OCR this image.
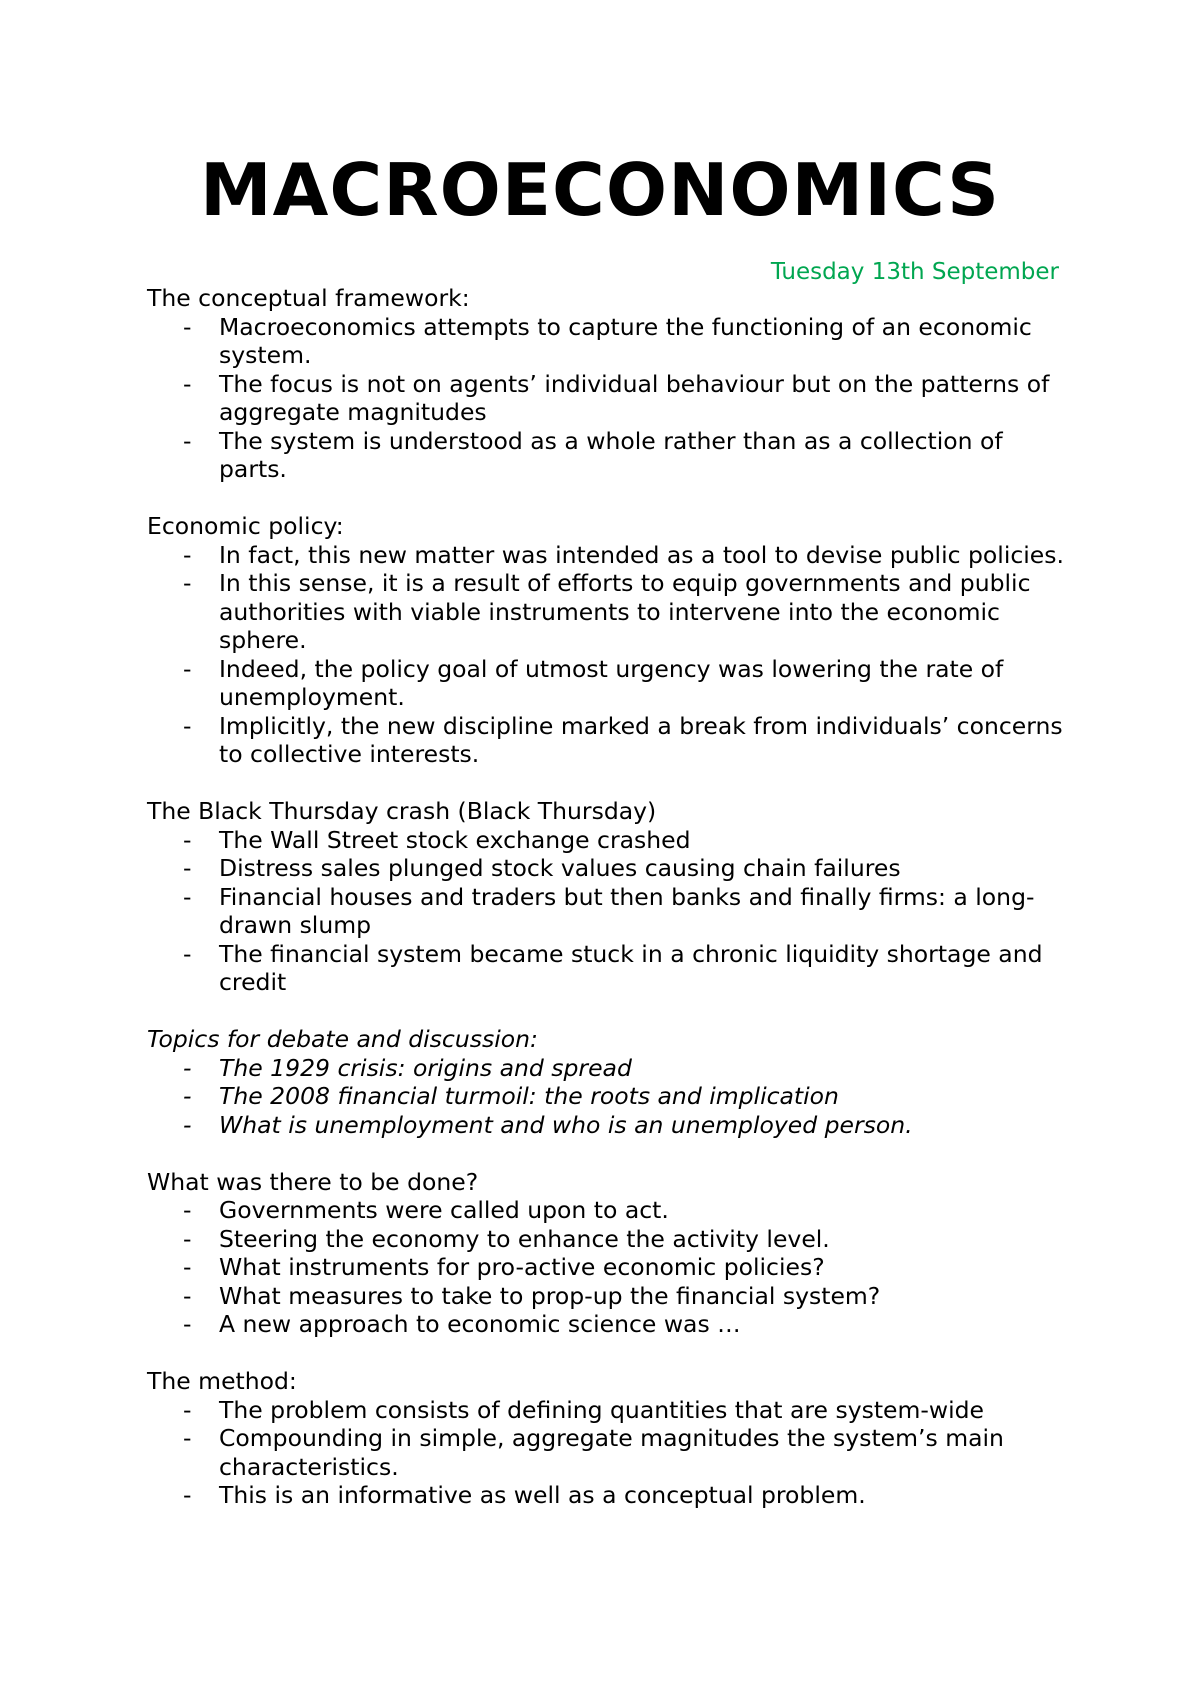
MACROECONOMICS
Tuesday 13th September

The conceptual framework:

- Macroeconomics attempts to capture the functioning of an economic system.
- The focus is not on agents’ individual behaviour but on the patterns of aggregate magnitudes
- The system is understood as a whole rather than as a collection of parts.

Economic policy:

- In fact, this new matter was intended as a tool to devise public policies.
- In this sense, it is a result of efforts to equip governments and public authorities with viable instruments to intervene into the economic sphere.
- Indeed, the policy goal of utmost urgency was lowering the rate of unemployment.
- Implicitly, the new discipline marked a break from individuals’ concerns to collective interests.

The Black Thursday crash (Black Thursday)

- The Wall Street stock exchange crashed
- Distress sales plunged stock values causing chain failures
- Financial houses and traders but then banks and finally firms: a long-drawn slump
- The financial system became stuck in a chronic liquidity shortage and credit

Topics for debate and discussion:

- The 1929 crisis: origins and spread
- The 2008 financial turmoil: the roots and implication
- What is unemployment and who is an unemployed person.

What was there to be done?

- Governments were called upon to act.
- Steering the economy to enhance the activity level.
- What instruments for pro-active economic policies?
- What measures to take to prop-up the financial system?
- A new approach to economic science was …

The method:

- The problem consists of defining quantities that are system-wide
- Compounding in simple, aggregate magnitudes the system’s main characteristics.
- This is an informative as well as a conceptual problem.
